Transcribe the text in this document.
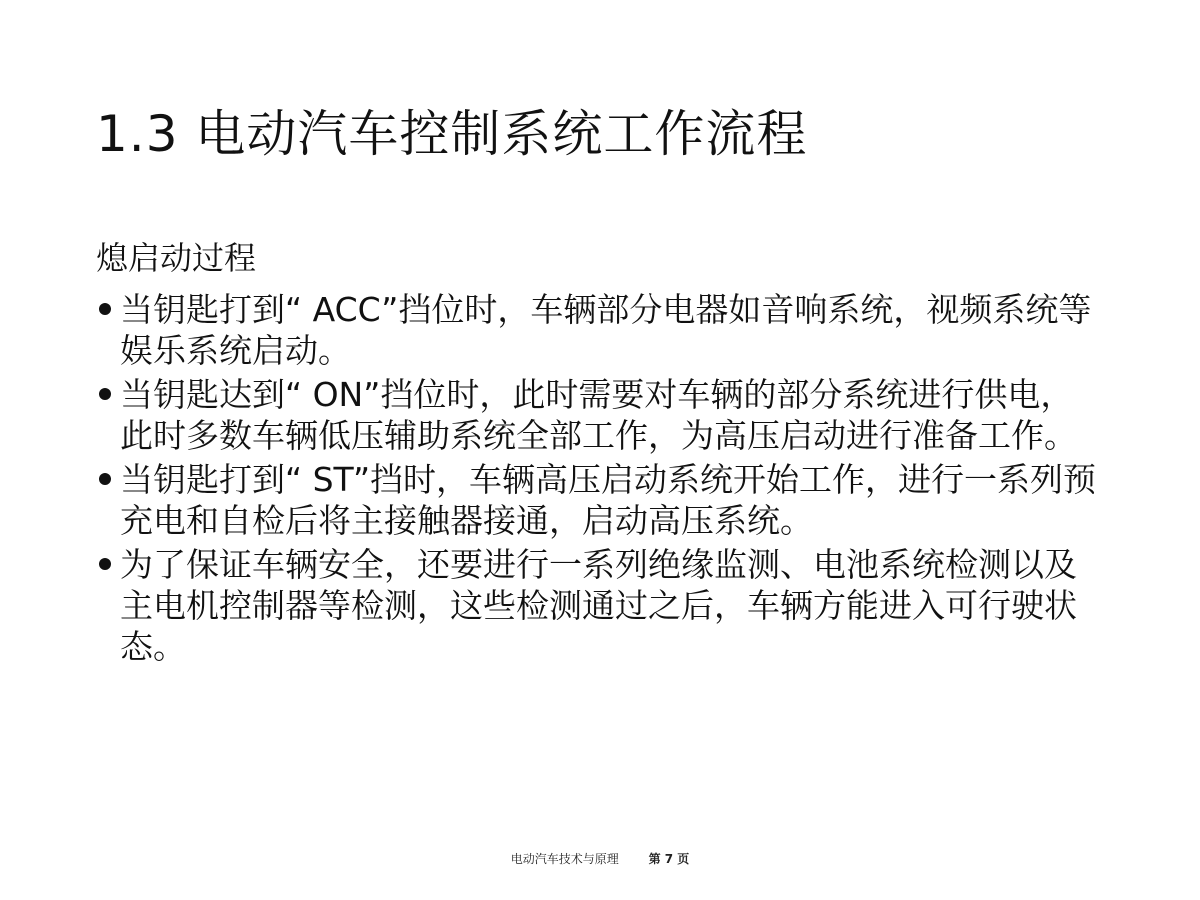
1.3 电动汽车控制系统工作流程
熄启动过程
当钥匙打到“ ACC”挡位时，车辆部分电器如音响系统，视频系统等娱乐系统启动。
当钥匙达到“ ON”挡位时，此时需要对车辆的部分系统进行供电，此时多数车辆低压辅助系统全部工作，为高压启动进行准备工作。
当钥匙打到“ ST”挡时，车辆高压启动系统开始工作，进行一系列预充电和自检后将主接触器接通，启动高压系统。
为了保证车辆安全，还要进行一系列绝缘监测、电池系统检测以及主电机控制器等检测，这些检测通过之后，车辆方能进入可行驶状态。
电动汽车技术与原理 第 7 页
